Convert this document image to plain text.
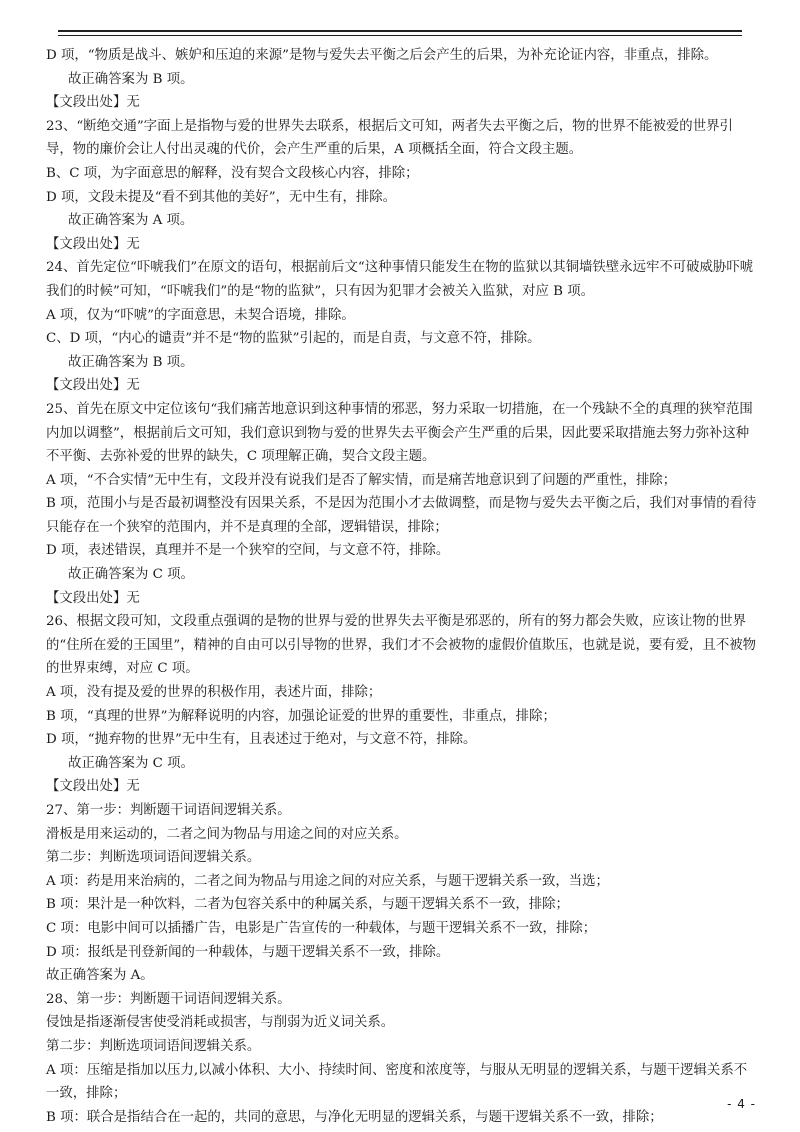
D 项，“物质是战斗、嫉妒和压迫的来源”是物与爱失去平衡之后会产生的后果，为补充论证内容，非重点，排除。

故正确答案为 B 项。

【文段出处】无

23、“断绝交通”字面上是指物与爱的世界失去联系，根据后文可知，两者失去平衡之后，物的世界不能被爱的世界引导，物的廉价会让人付出灵魂的代价，会产生严重的后果，A 项概括全面，符合文段主题。

B、C 项，为字面意思的解释，没有契合文段核心内容，排除；

D 项，文段未提及“看不到其他的美好”，无中生有，排除。

故正确答案为 A 项。

【文段出处】无

24、首先定位“吓唬我们”在原文的语句，根据前后文“这种事情只能发生在物的监狱以其铜墙铁壁永远牢不可破威胁吓唬我们的时候”可知，“吓唬我们”的是“物的监狱”，只有因为犯罪才会被关入监狱，对应 B 项。

A 项，仅为“吓唬”的字面意思，未契合语境，排除。

C、D 项，“内心的谴责”并不是“物的监狱”引起的，而是自责，与文意不符，排除。

故正确答案为 B 项。

【文段出处】无

25、首先在原文中定位该句“我们痛苦地意识到这种事情的邪恶，努力采取一切措施，在一个残缺不全的真理的狭窄范围内加以调整”，根据前后文可知，我们意识到物与爱的世界失去平衡会产生严重的后果，因此要采取措施去努力弥补这种不平衡、去弥补爱的世界的缺失，C 项理解正确，契合文段主题。

A 项，“不合实情”无中生有，文段并没有说我们是否了解实情，而是痛苦地意识到了问题的严重性，排除；

B 项，范围小与是否最初调整没有因果关系，不是因为范围小才去做调整，而是物与爱失去平衡之后，我们对事情的看待只能存在一个狭窄的范围内，并不是真理的全部，逻辑错误，排除；

D 项，表述错误，真理并不是一个狭窄的空间，与文意不符，排除。

故正确答案为 C 项。

【文段出处】无

26、根据文段可知，文段重点强调的是物的世界与爱的世界失去平衡是邪恶的，所有的努力都会失败，应该让物的世界的“住所在爱的王国里”，精神的自由可以引导物的世界，我们才不会被物的虚假价值欺压，也就是说，要有爱，且不被物的世界束缚，对应 C 项。

A 项，没有提及爱的世界的积极作用，表述片面，排除；

B 项，“真理的世界”为解释说明的内容，加强论证爱的世界的重要性，非重点，排除；

D 项，“抛弃物的世界”无中生有，且表述过于绝对，与文意不符，排除。

故正确答案为 C 项。

【文段出处】无

27、第一步：判断题干词语间逻辑关系。

滑板是用来运动的，二者之间为物品与用途之间的对应关系。

第二步：判断选项词语间逻辑关系。

A 项：药是用来治病的，二者之间为物品与用途之间的对应关系，与题干逻辑关系一致，当选；

B 项：果汁是一种饮料，二者为包容关系中的种属关系，与题干逻辑关系不一致，排除；

C 项：电影中间可以插播广告，电影是广告宣传的一种载体，与题干逻辑关系不一致，排除；

D 项：报纸是刊登新闻的一种载体，与题干逻辑关系不一致，排除。

故正确答案为 A。

28、第一步：判断题干词语间逻辑关系。

侵蚀是指逐渐侵害使受消耗或损害，与削弱为近义词关系。

第二步：判断选项词语间逻辑关系。

A 项：压缩是指加以压力,以减小体积、大小、持续时间、密度和浓度等，与服从无明显的逻辑关系，与题干逻辑关系不一致，排除；

B 项：联合是指结合在一起的，共同的意思，与净化无明显的逻辑关系，与题干逻辑关系不一致，排除；

- 4 -
